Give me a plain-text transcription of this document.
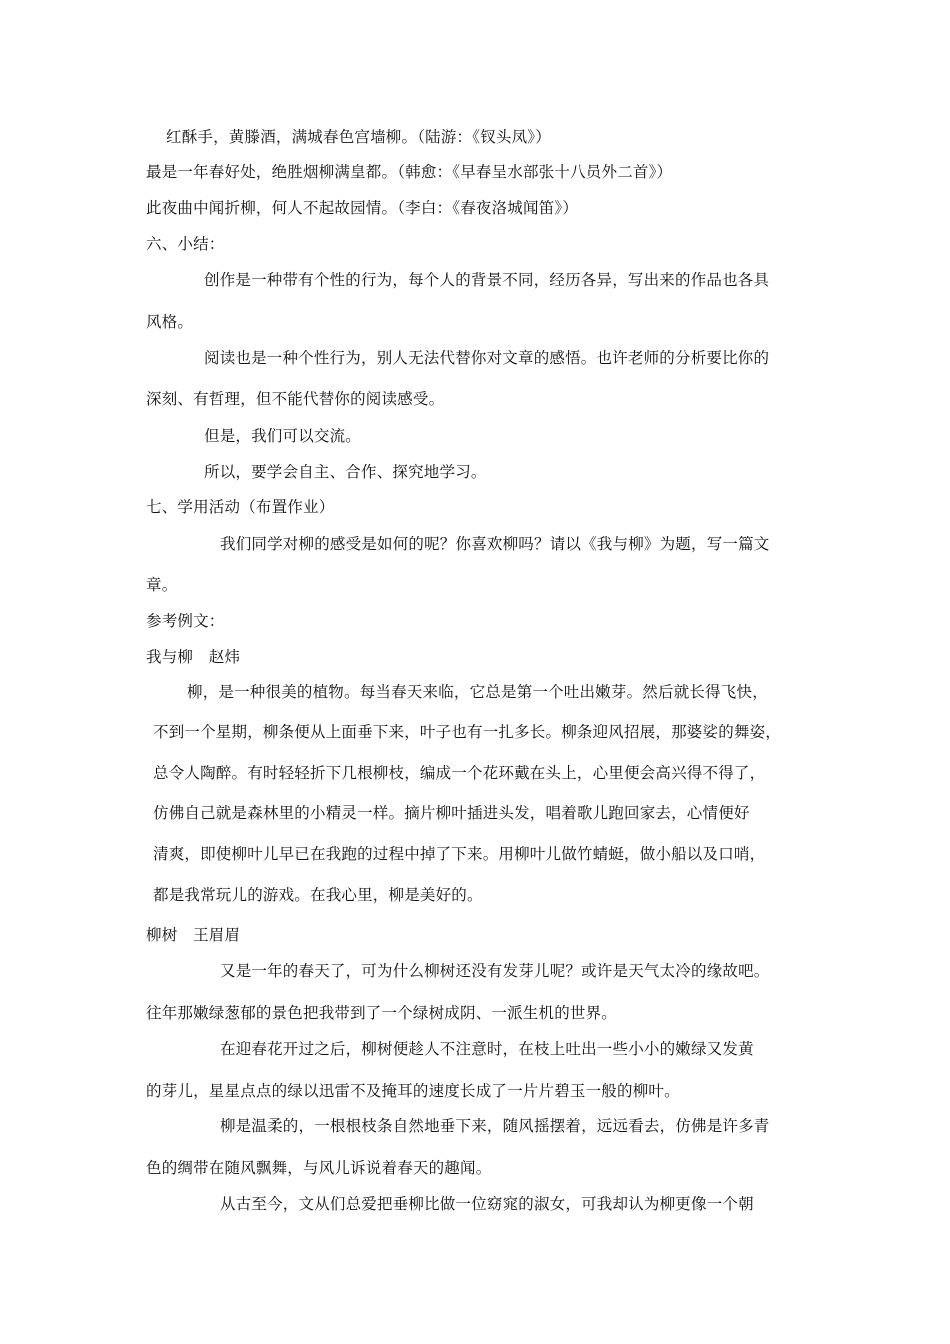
红酥手，黄滕酒，满城春色宫墙柳。（陆游：《钗头凤》）
最是一年春好处，绝胜烟柳满皇都。（韩愈：《早春呈水部张十八员外二首》）
此夜曲中闻折柳，何人不起故园情。（李白：《春夜洛城闻笛》）
六、小结：
创作是一种带有个性的行为，每个人的背景不同，经历各异，写出来的作品也各具
风格。
阅读也是一种个性行为，别人无法代替你对文章的感悟。也许老师的分析要比你的
深刻、有哲理，但不能代替你的阅读感受。
但是，我们可以交流。
所以，要学会自主、合作、探究地学习。
七、学用活动（布置作业）
我们同学对柳的感受是如何的呢？你喜欢柳吗？请以《我与柳》为题，写一篇文
章。
参考例文：
我与柳　赵炜
柳，是一种很美的植物。每当春天来临，它总是第一个吐出嫩芽。然后就长得飞快，
不到一个星期，柳条便从上面垂下来，叶子也有一扎多长。柳条迎风招展，那婆娑的舞姿，
总令人陶醉。有时轻轻折下几根柳枝，编成一个花环戴在头上，心里便会高兴得不得了，
仿佛自己就是森林里的小精灵一样。摘片柳叶插进头发，唱着歌儿跑回家去，心情便好
清爽，即使柳叶儿早已在我跑的过程中掉了下来。用柳叶儿做竹蜻蜓，做小船以及口哨，
都是我常玩儿的游戏。在我心里，柳是美好的。
柳树　王眉眉
又是一年的春天了，可为什么柳树还没有发芽儿呢？或许是天气太冷的缘故吧。
往年那嫩绿葱郁的景色把我带到了一个绿树成阴、一派生机的世界。
在迎春花开过之后，柳树便趁人不注意时，在枝上吐出一些小小的嫩绿又发黄
的芽儿，星星点点的绿以迅雷不及掩耳的速度长成了一片片碧玉一般的柳叶。
柳是温柔的，一根根枝条自然地垂下来，随风摇摆着，远远看去，仿佛是许多青
色的绸带在随风飘舞，与风儿诉说着春天的趣闻。
从古至今，文从们总爱把垂柳比做一位窈窕的淑女，可我却认为柳更像一个朝
